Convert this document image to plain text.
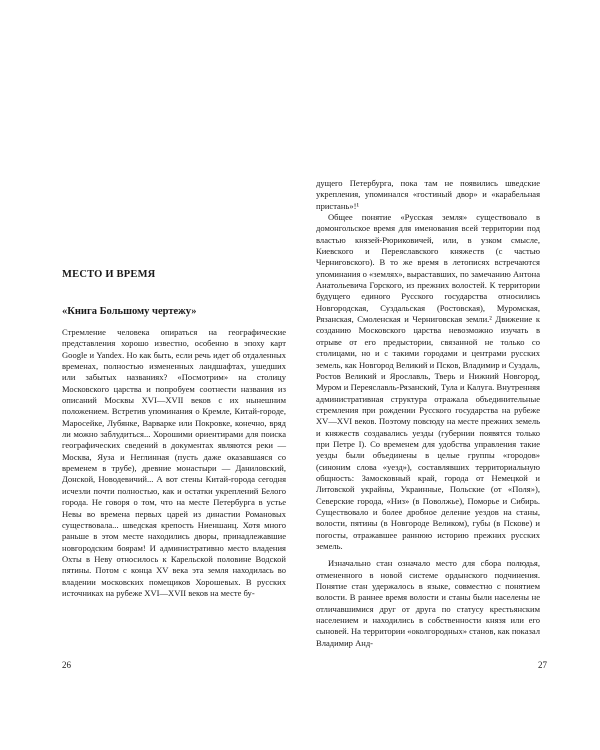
МЕСТО И ВРЕМЯ
«Книга Большому чертежу»

Стремление человека опираться на географические представления хорошо известно, особенно в эпоху карт Google и Yandex. Но как быть, если речь идет об отдаленных временах, полностью измененных ландшафтах, ушедших или забытых названиях? «Посмотрим» на столицу Московского царства и попробуем соотнести названия из описаний Москвы XVI—XVII веков с их нынешним положением. Встретив упоминания о Кремле, Китай-городе, Маросейке, Лубянке, Варварке или Покровке, конечно, вряд ли можно заблудиться... Хорошими ориентирами для поиска географических сведений в документах являются реки — Москва, Яуза и Неглинная (пусть даже оказавшаяся со временем в трубе), древние монастыри — Даниловский, Донской, Новодевичий... А вот стены Китай-города сегодня исчезли почти полностью, как и остатки укреплений Белого города. Не говоря о том, что на месте Петербурга в устье Невы во времена первых царей из династии Романовых существовала... шведская крепость Ниеншанц. Хотя много раньше в этом месте находились дворы, принадлежавшие новгородским боярам! И административно место владения Охты в Неву относилось к Карельской половине Водской пятины. Потом с конца XV века эта земля находилась во владении московских помещиков Хорошевых. В русских источниках на рубеже XVI—XVII веков на месте бу-

26

дущего Петербурга, пока там не появились шведские укрепления, упоминался «гостиный двор» и «карабельная пристань»!¹

Общее понятие «Русская земля» существовало в домонгольское время для именования всей территории под властью князей-Рюриковичей, или, в узком смысле, Киевского и Переяславского княжеств (с частью Черниговского). В то же время в летописях встречаются упоминания о «землях», выраставших, по замечанию Антона Анатольевича Горского, из прежних волостей. К территории будущего единого Русского государства относились Новгородская, Суздальская (Ростовская), Муромская, Рязанская, Смоленская и Черниговская земли.² Движение к созданию Московского царства невозможно изучать в отрыве от его предыстории, связанной не только со столицами, но и с такими городами и центрами русских земель, как Новгород Великий и Псков, Владимир и Суздаль, Ростов Великий и Ярославль, Тверь и Нижний Новгород, Муром и Переяславль-Рязанский, Тула и Калуга. Внутренняя административная структура отражала объединительные стремления при рождении Русского государства на рубеже XV—XVI веков. Поэтому повсюду на месте прежних земель и княжеств создавались уезды (губернии появятся только при Петре I). Со временем для удобства управления такие уезды были объединены в целые группы «городов» (синоним слова «уезд»), составлявших территориальную общность: Замосковный край, города от Немецкой и Литовской украйны, Украинные, Польские (от «Поля»), Северские города, «Низ» (в Поволжье), Поморье и Сибирь. Существовало и более дробное деление уездов на станы, волости, пятины (в Новгороде Великом), губы (в Пскове) и погосты, отражавшее раннюю историю прежних русских земель.

Изначально стан означало место для сбора полюдья, отмененного в новой системе ордынского подчинения. Понятие стан удержалось в языке, совместно с понятием волости. В раннее время волости и станы были населены не отличавшимися друг от друга по статусу крестьянским населением и находились в собственности князя или его сыновей. На территории «околгородных» станов, как показал Владимир Анд-

27
